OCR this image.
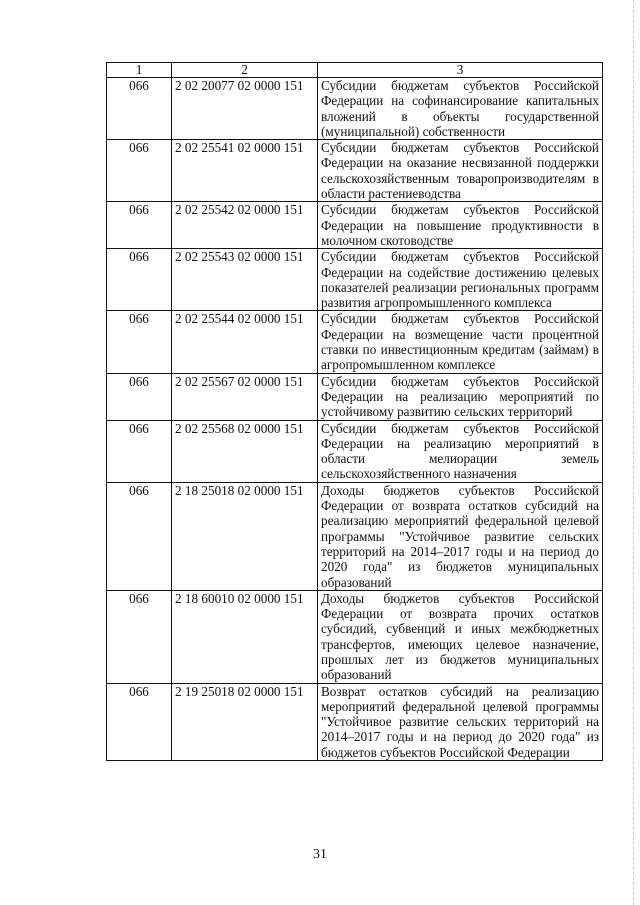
1	2	3
066	2 02 20077 02 0000 151	Субсидии бюджетам субъектов Российской Федерации на софинансирование капитальных вложений в объекты государственной (муниципальной) собственности
066	2 02 25541 02 0000 151	Субсидии бюджетам субъектов Российской Федерации на оказание несвязанной поддержки сельскохозяйственным товаропроизводителям в области растениеводства
066	2 02 25542 02 0000 151	Субсидии бюджетам субъектов Российской Федерации на повышение продуктивности в молочном скотоводстве
066	2 02 25543 02 0000 151	Субсидии бюджетам субъектов Российской Федерации на содействие достижению целевых показателей реализации региональных программ развития агропромышленного комплекса
066	2 02 25544 02 0000 151	Субсидии бюджетам субъектов Российской Федерации на возмещение части процентной ставки по инвестиционным кредитам (займам) в агропромышленном комплексе
066	2 02 25567 02 0000 151	Субсидии бюджетам субъектов Российской Федерации на реализацию мероприятий по устойчивому развитию сельских территорий
066	2 02 25568 02 0000 151	Субсидии бюджетам субъектов Российской Федерации на реализацию мероприятий в области мелиорации земель сельскохозяйственного назначения
066	2 18 25018 02 0000 151	Доходы бюджетов субъектов Российской Федерации от возврата остатков субсидий на реализацию мероприятий федеральной целевой программы "Устойчивое развитие сельских территорий на 2014–2017 годы и на период до 2020 года" из бюджетов муниципальных образований
066	2 18 60010 02 0000 151	Доходы бюджетов субъектов Российской Федерации от возврата прочих остатков субсидий, субвенций и иных межбюджетных трансфертов, имеющих целевое назначение, прошлых лет из бюджетов муниципальных образований
066	2 19 25018 02 0000 151	Возврат остатков субсидий на реализацию мероприятий федеральной целевой программы "Устойчивое развитие сельских территорий на 2014–2017 годы и на период до 2020 года" из бюджетов субъектов Российской Федерации
31
